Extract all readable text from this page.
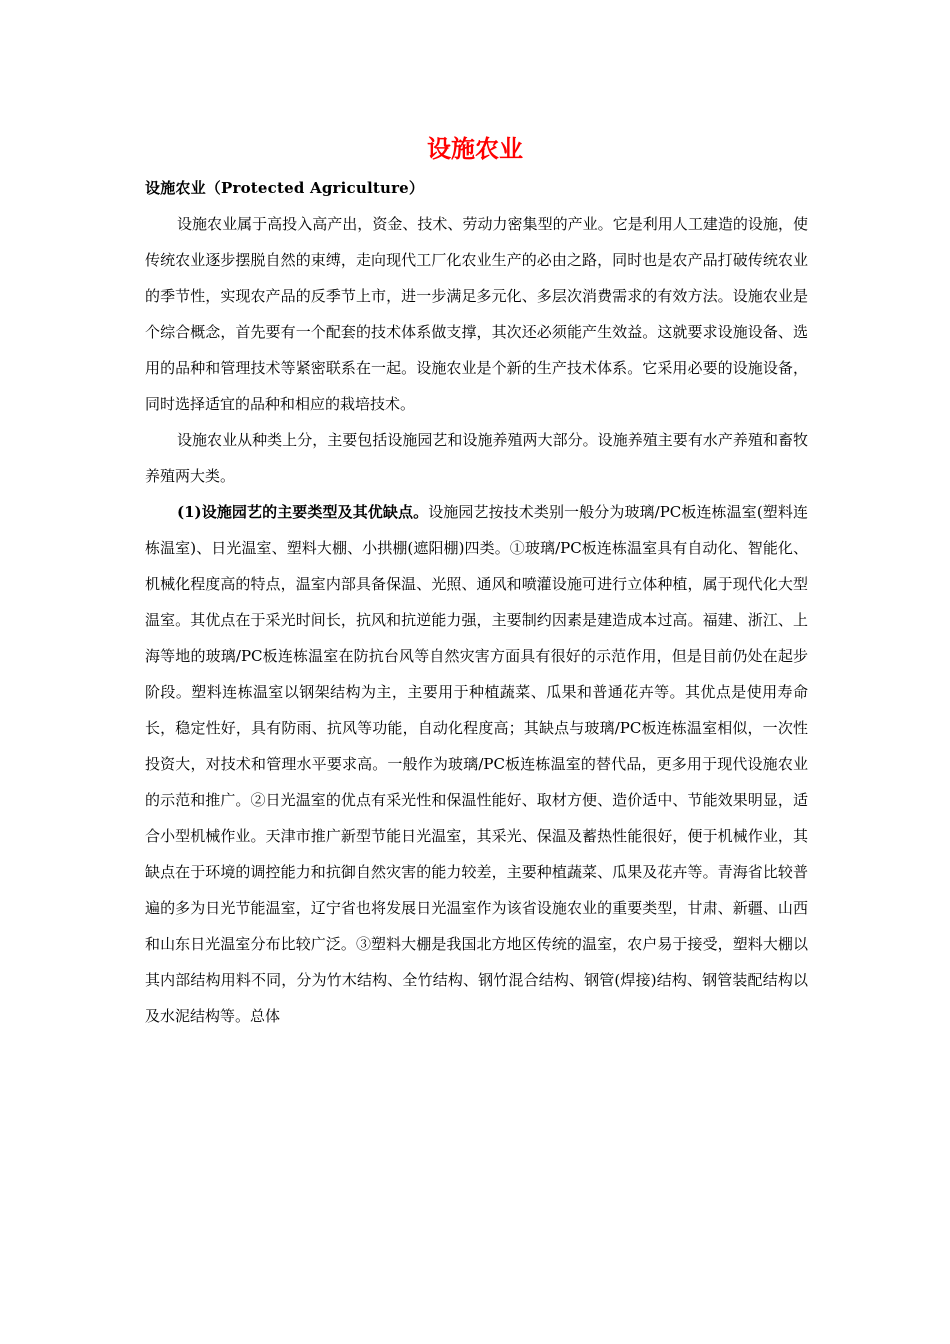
设施农业

设施农业（Protected Agriculture）

设施农业属于高投入高产出，资金、技术、劳动力密集型的产业。它是利用人工建造的设施，使传统农业逐步摆脱自然的束缚，走向现代工厂化农业生产的必由之路，同时也是农产品打破传统农业的季节性，实现农产品的反季节上市，进一步满足多元化、多层次消费需求的有效方法。设施农业是个综合概念，首先要有一个配套的技术体系做支撑，其次还必须能产生效益。这就要求设施设备、选用的品种和管理技术等紧密联系在一起。设施农业是个新的生产技术体系。它采用必要的设施设备，同时选择适宜的品种和相应的栽培技术。

设施农业从种类上分，主要包括设施园艺和设施养殖两大部分。设施养殖主要有水产养殖和畜牧养殖两大类。

(1)设施园艺的主要类型及其优缺点。设施园艺按技术类别一般分为玻璃/PC板连栋温室(塑料连栋温室)、日光温室、塑料大棚、小拱棚(遮阳棚)四类。①玻璃/PC板连栋温室具有自动化、智能化、机械化程度高的特点，温室内部具备保温、光照、通风和喷灌设施可进行立体种植，属于现代化大型温室。其优点在于采光时间长，抗风和抗逆能力强，主要制约因素是建造成本过高。福建、浙江、上海等地的玻璃/PC板连栋温室在防抗台风等自然灾害方面具有很好的示范作用，但是目前仍处在起步阶段。塑料连栋温室以钢架结构为主，主要用于种植蔬菜、瓜果和普通花卉等。其优点是使用寿命长，稳定性好，具有防雨、抗风等功能，自动化程度高；其缺点与玻璃/PC板连栋温室相似，一次性投资大，对技术和管理水平要求高。一般作为玻璃/PC板连栋温室的替代品，更多用于现代设施农业的示范和推广。②日光温室的优点有采光性和保温性能好、取材方便、造价适中、节能效果明显，适合小型机械作业。天津市推广新型节能日光温室，其采光、保温及蓄热性能很好，便于机械作业，其缺点在于环境的调控能力和抗御自然灾害的能力较差，主要种植蔬菜、瓜果及花卉等。青海省比较普遍的多为日光节能温室，辽宁省也将发展日光温室作为该省设施农业的重要类型，甘肃、新疆、山西和山东日光温室分布比较广泛。③塑料大棚是我国北方地区传统的温室，农户易于接受，塑料大棚以其内部结构用料不同，分为竹木结构、全竹结构、钢竹混合结构、钢管(焊接)结构、钢管装配结构以及水泥结构等。总体
